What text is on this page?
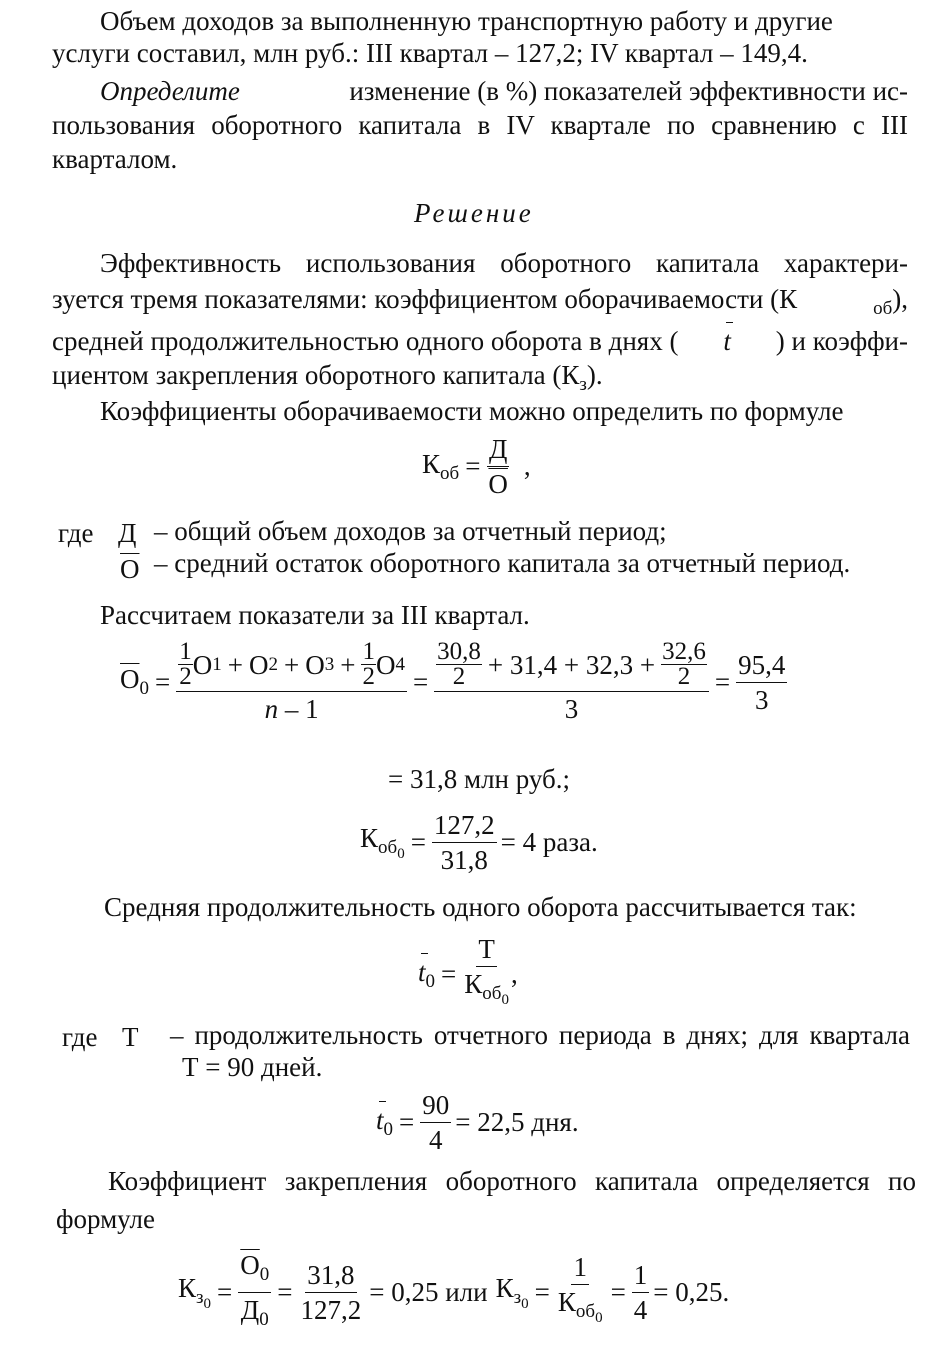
Объем доходов за выполненную транспортную работу и другие
услуги составил, млн руб.: III квартал – 127,2; IV квартал – 149,4.
Определите	изменение (в %) показателей эффективности ис-
пользования оборотного капитала в IV квартале по сравнению с III
кварталом.
Решение
Эффективность использования оборотного капитала характери-
зуется тремя показателями: коэффициентом оборачиваемости (К	$_{об}$),
средней продолжительностью одного оборота в днях ( t ) и коэффи-
циентом закрепления оборотного капитала $(К_з)$.
Коэффициенты оборачиваемости можно определить по формуле
$К_{об} = \frac{Д}{О}$ ,
где Д – общий объем доходов за отчетный период;
О – средний остаток оборотного капитала за отчетный период.
Рассчитаем показатели за III квартал.
$О_0 = \frac{\frac{1}{2} О 1 + О 2 + О 3 + \frac{1}{2} О 4}{n - 1} = \frac{\frac{30,8}{2} + 31,4 + 32,3 + \frac{32,6}{2}}{3} = \frac{95,4}{3}$
= 31,8 млн руб.;
$К_{об_0} = \frac{127,2}{31,8} = 4$ раза.
Средняя продолжительность одного оборота рассчитывается так:
$t_0 = \frac{Т}{К_{об_0}}$ ,
где Т – продолжительность отчетного периода в днях; для квартала
Т = 90 дней.
$t_0 = \frac{90}{4} = 22,5$ дня.
Коэффициент закрепления оборотного капитала определяется по
формуле
$К_{з_0} = \frac{О_0}{Д_0} = \frac{31,8}{127,2} = 0,25$ или $К_{з_0} = \frac{1}{К_{об_0}} = \frac{1}{4} = 0,25$.
